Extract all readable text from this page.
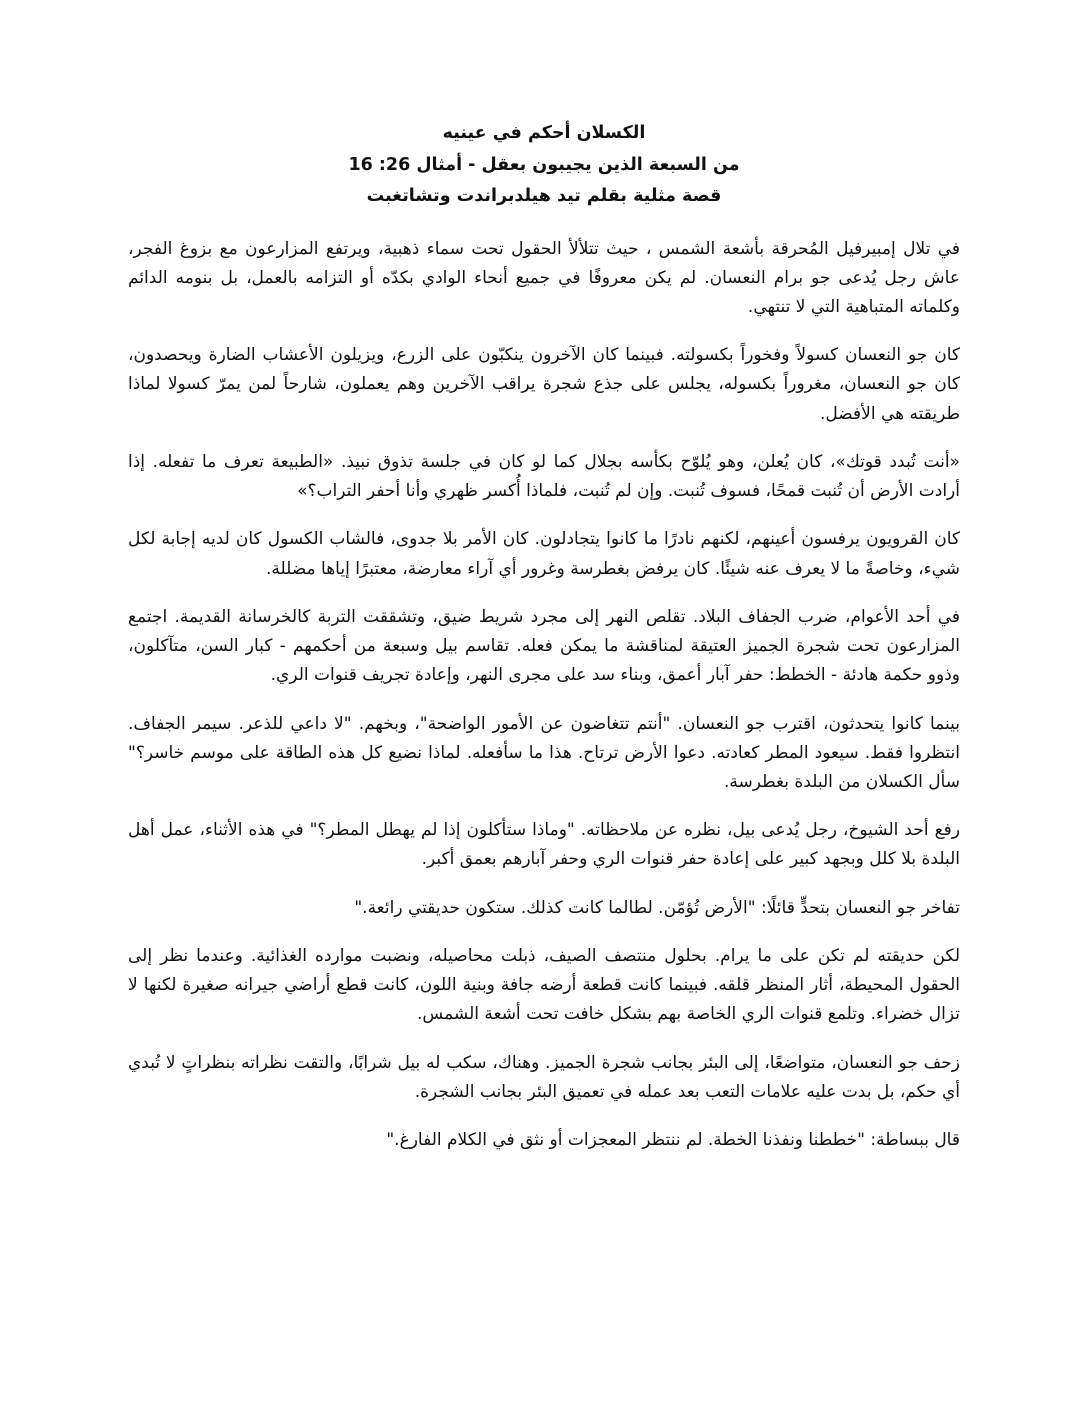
الكسلان أحكم في عينيه
من السبعة الذين يجيبون بعقل - أمثال 26: 16
قصة مثلية بقلم تيد هيلدبراندت وتشاتغبت

في تلال إمبيرفيل المُحرقة بأشعة الشمس ، حيث تتلألأ الحقول تحت سماء ذهبية، ويرتفع المزارعون مع بزوغ الفجر، عاش رجل يُدعى جو برام النعسان. لم يكن معروفًا في جميع أنحاء الوادي بكدّه أو التزامه بالعمل، بل بنومه الدائم وكلماته المتباهية التي لا تنتهي.

كان جو النعسان كسولاً وفخوراً بكسولته. فبينما كان الآخرون ينكبّون على الزرع، ويزيلون الأعشاب الضارة ويحصدون، كان جو النعسان، مغروراً بكسوله، يجلس على جذع شجرة يراقب الآخرين وهم يعملون، شارحاً لمن يمرّ كسولا لماذا طريقته هي الأفضل.

«أنت تُبدد قوتك»، كان يُعلن، وهو يُلوّح بكأسه بجلال كما لو كان في جلسة تذوق نبيذ. «الطبيعة تعرف ما تفعله. إذا أرادت الأرض أن تُنبت قمحًا، فسوف تُنبت. وإن لم تُنبت، فلماذا أُكسر ظهري وأنا أحفر التراب؟»

كان القرويون يرفسون أعينهم، لكنهم نادرًا ما كانوا يتجادلون. كان الأمر بلا جدوى، فالشاب الكسول كان لديه إجابة لكل شيء، وخاصةً ما لا يعرف عنه شيئًا. كان يرفض بغطرسة وغرور أي آراء معارضة، معتبرًا إياها مضللة.

في أحد الأعوام، ضرب الجفاف البلاد. تقلص النهر إلى مجرد شريط ضيق، وتشققت التربة كالخرسانة القديمة. اجتمع المزارعون تحت شجرة الجميز العتيقة لمناقشة ما يمكن فعله. تقاسم بيل وسبعة من أحكمهم - كبار السن، متآكلون، وذوو حكمة هادئة - الخطط: حفر آبار أعمق، وبناء سد على مجرى النهر، وإعادة تجريف قنوات الري.

بينما كانوا يتحدثون، اقترب جو النعسان. "أنتم تتغاضون عن الأمور الواضحة"، وبخهم. "لا داعي للذعر. سيمر الجفاف. انتظروا فقط. سيعود المطر كعادته. دعوا الأرض ترتاح. هذا ما سأفعله. لماذا نضيع كل هذه الطاقة على موسم خاسر؟" سأل الكسلان من البلدة بغطرسة.

رفع أحد الشيوخ، رجل يُدعى بيل، نظره عن ملاحظاته. "وماذا ستأكلون إذا لم يهطل المطر؟" في هذه الأثناء، عمل أهل البلدة بلا كلل وبجهد كبير على إعادة حفر قنوات الري وحفر آبارهم بعمق أكبر.

تفاخر جو النعسان بتحدٍّ قائلًا: "الأرض تُؤمّن. لطالما كانت كذلك. ستكون حديقتي رائعة."

لكن حديقته لم تكن على ما يرام. بحلول منتصف الصيف، ذبلت محاصيله، ونضبت موارده الغذائية. وعندما نظر إلى الحقول المحيطة، أثار المنظر قلقه. فبينما كانت قطعة أرضه جافة وبنية اللون، كانت قطع أراضي جيرانه صغيرة لكنها لا تزال خضراء. وتلمع قنوات الري الخاصة بهم بشكل خافت تحت أشعة الشمس.

زحف جو النعسان، متواضعًا، إلى البئر بجانب شجرة الجميز. وهناك، سكب له بيل شرابًا، والتقت نظراته بنظراتٍ لا تُبدي أي حكم، بل بدت عليه علامات التعب بعد عمله في تعميق البئر بجانب الشجرة.

قال ببساطة: "خططنا ونفذنا الخطة. لم ننتظر المعجزات أو نثق في الكلام الفارغ."
